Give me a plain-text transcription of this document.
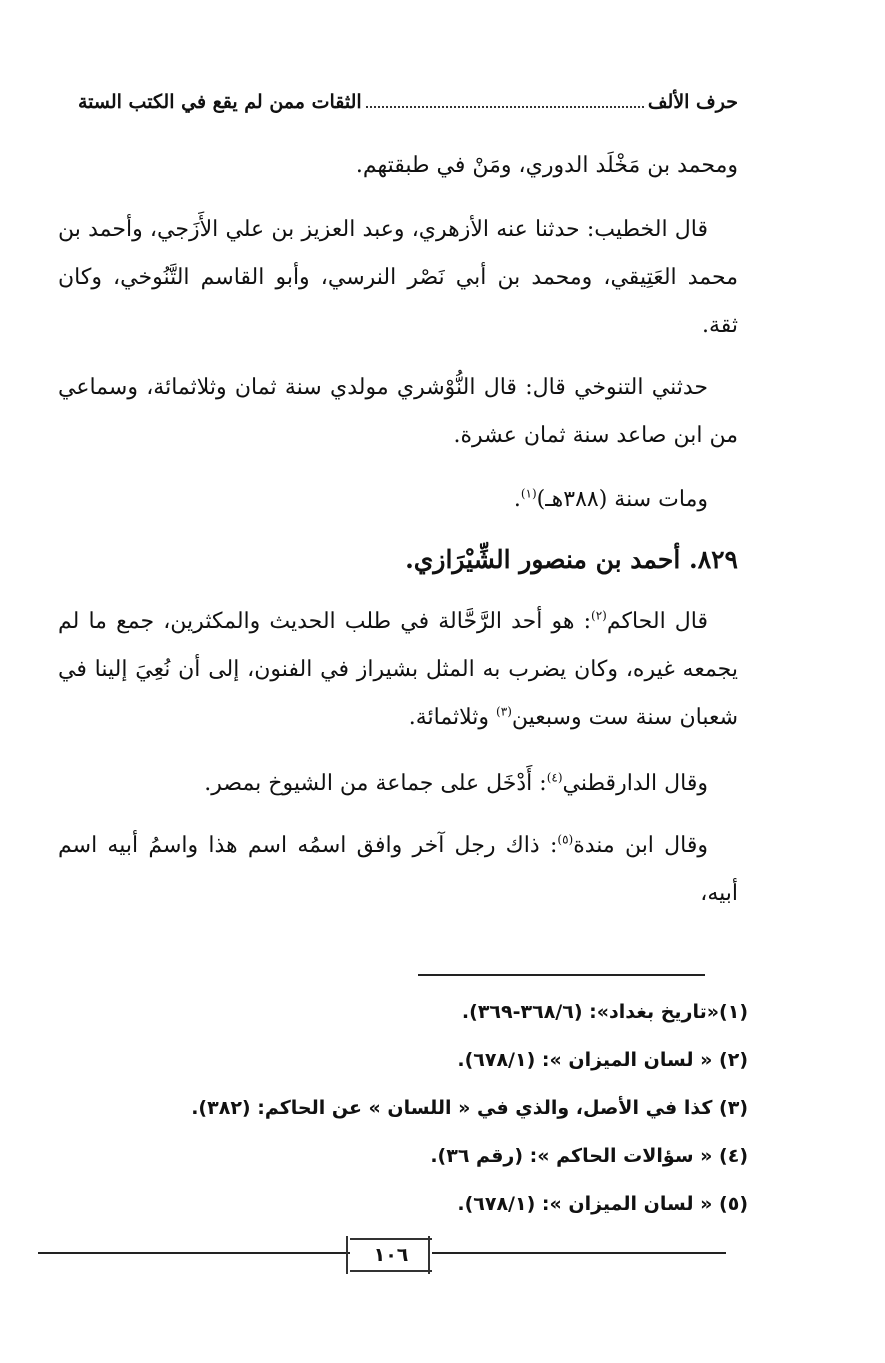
حرف الألف
الثقات ممن لم يقع في الكتب الستة

ومحمد بن مَخْلَد الدوري، ومَنْ في طبقتهم.

قال الخطيب: حدثنا عنه الأزهري، وعبد العزيز بن علي الأَزَجي، وأحمد بن محمد العَتِيقي، ومحمد بن أبي نَصْر النرسي، وأبو القاسم التَّنُوخي، وكان ثقة.

حدثني التنوخي قال: قال النُّوْشري مولدي سنة ثمان وثلاثمائة، وسماعي من ابن صاعد سنة ثمان عشرة.

ومات سنة (٣٨٨هـ)$^{(١)}$.

٨٢٩. أحمد بن منصور الشِّيْرَازي.

قال الحاكم$^{(٢)}$: هو أحد الرَّحَّالة في طلب الحديث والمكثرين، جمع ما لم يجمعه غيره، وكان يضرب به المثل بشيراز في الفنون، إلى أن نُعِيَ إلينا في شعبان سنة ست وسبعين$^{(٣)}$ وثلاثمائة.

وقال الدارقطني$^{(٤)}$: أَدْخَل على جماعة من الشيوخ بمصر.

وقال ابن مندة$^{(٥)}$: ذاك رجل آخر وافق اسمُه اسم هذا واسمُ أبيه اسم أبيه،

(١)«تاريخ بغداد»: (٣٦٨/٦-٣٦٩).
(٢) « لسان الميزان »: (٦٧٨/١).
(٣) كذا في الأصل، والذي في « اللسان » عن الحاكم: (٣٨٢).
(٤) « سؤالات الحاكم »: (رقم ٣٦).
(٥) « لسان الميزان »: (٦٧٨/١).
١٠٦
